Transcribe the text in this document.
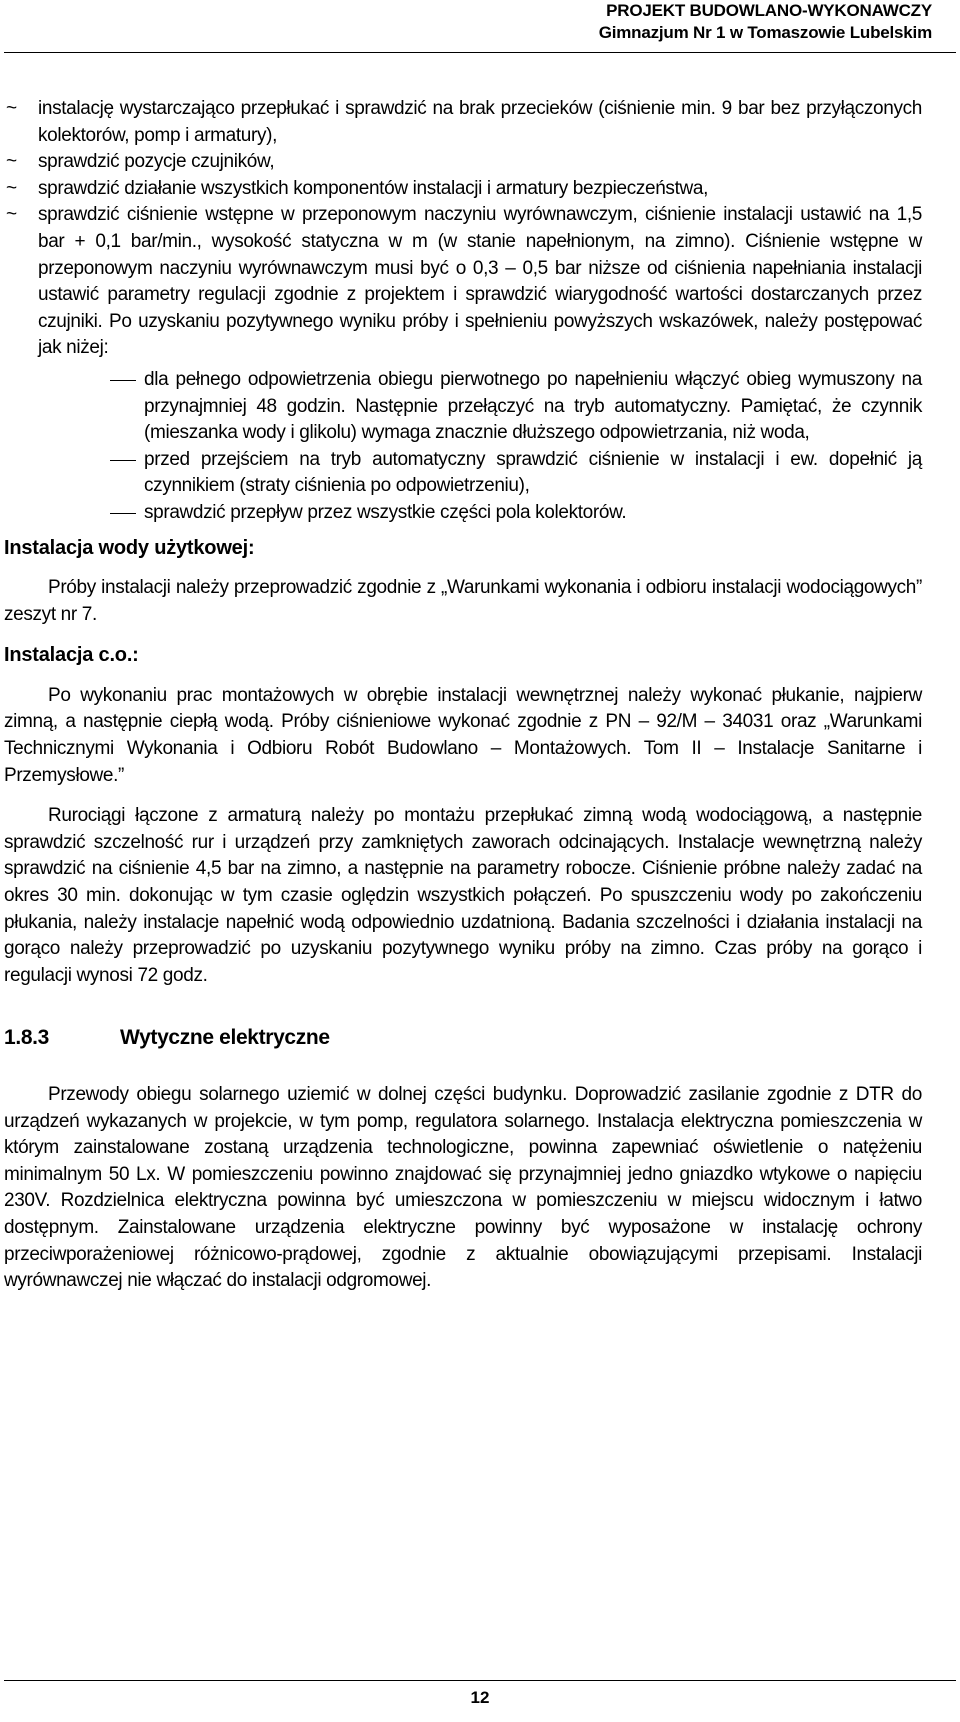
PROJEKT BUDOWLANO-WYKONAWCZY
Gimnazjum Nr 1 w Tomaszowie Lubelskim
~	instalację wystarczająco przepłukać i sprawdzić na brak przecieków (ciśnienie min. 9 bar bez przyłączonych kolektorów, pomp i armatury),
~	sprawdzić pozycje czujników,
~	sprawdzić działanie wszystkich komponentów instalacji i armatury bezpieczeństwa,
~	sprawdzić ciśnienie wstępne w przeponowym naczyniu wyrównawczym, ciśnienie instalacji ustawić na 1,5 bar + 0,1 bar/min., wysokość statyczna w m (w stanie napełnionym, na zimno). Ciśnienie wstępne w przeponowym naczyniu wyrównawczym musi być o 0,3 – 0,5 bar niższe od ciśnienia napełniania instalacji ustawić parametry regulacji zgodnie z projektem i sprawdzić wiarygodność wartości dostarczanych przez czujniki. Po uzyskaniu pozytywnego wyniku próby i spełnieniu powyższych wskazówek, należy postępować jak niżej:
dla pełnego odpowietrzenia obiegu pierwotnego po napełnieniu włączyć obieg wymuszony na przynajmniej 48 godzin. Następnie przełączyć na tryb automatyczny. Pamiętać, że czynnik (mieszanka wody i glikolu) wymaga znacznie dłuższego odpowietrzania, niż woda,
przed przejściem na tryb automatyczny sprawdzić ciśnienie w instalacji i ew. dopełnić ją czynnikiem (straty ciśnienia po odpowietrzeniu),
sprawdzić przepływ przez wszystkie części pola kolektorów.
Instalacja wody użytkowej:
Próby instalacji należy przeprowadzić zgodnie z „Warunkami wykonania i odbioru instalacji wodociągowych” zeszyt nr 7.
Instalacja c.o.:
Po wykonaniu prac montażowych w obrębie instalacji wewnętrznej należy wykonać płukanie, najpierw zimną, a następnie ciepłą wodą. Próby ciśnieniowe wykonać zgodnie z PN – 92/M – 34031 oraz „Warunkami Technicznymi Wykonania i Odbioru Robót Budowlano – Montażowych. Tom II – Instalacje Sanitarne i Przemysłowe.”
Rurociągi łączone z armaturą należy po montażu przepłukać zimną wodą wodociągową, a następnie sprawdzić szczelność rur i urządzeń przy zamkniętych zaworach odcinających. Instalacje wewnętrzną należy sprawdzić na ciśnienie 4,5 bar na zimno, a następnie na parametry robocze. Ciśnienie próbne należy zadać na okres 30 min. dokonując w tym czasie oględzin wszystkich połączeń. Po spuszczeniu wody po zakończeniu płukania, należy instalacje napełnić wodą odpowiednio uzdatnioną. Badania szczelności i działania instalacji na gorąco należy przeprowadzić po uzyskaniu pozytywnego wyniku próby na zimno. Czas próby na gorąco i regulacji wynosi 72 godz.
1.8.3	Wytyczne elektryczne
Przewody obiegu solarnego uziemić w dolnej części budynku. Doprowadzić zasilanie zgodnie z DTR do urządzeń wykazanych w projekcie, w tym pomp, regulatora solarnego. Instalacja elektryczna pomieszczenia w którym zainstalowane zostaną urządzenia technologiczne, powinna zapewniać oświetlenie o natężeniu minimalnym 50 Lx. W pomieszczeniu powinno znajdować się przynajmniej jedno gniazdko wtykowe o napięciu 230V. Rozdzielnica elektryczna powinna być umieszczona w pomieszczeniu w miejscu widocznym i łatwo dostępnym. Zainstalowane urządzenia elektryczne powinny być wyposażone w instalację ochrony przeciwporażeniowej różnicowo-prądowej, zgodnie z aktualnie obowiązującymi przepisami. Instalacji wyrównawczej nie włączać do instalacji odgromowej.
12
